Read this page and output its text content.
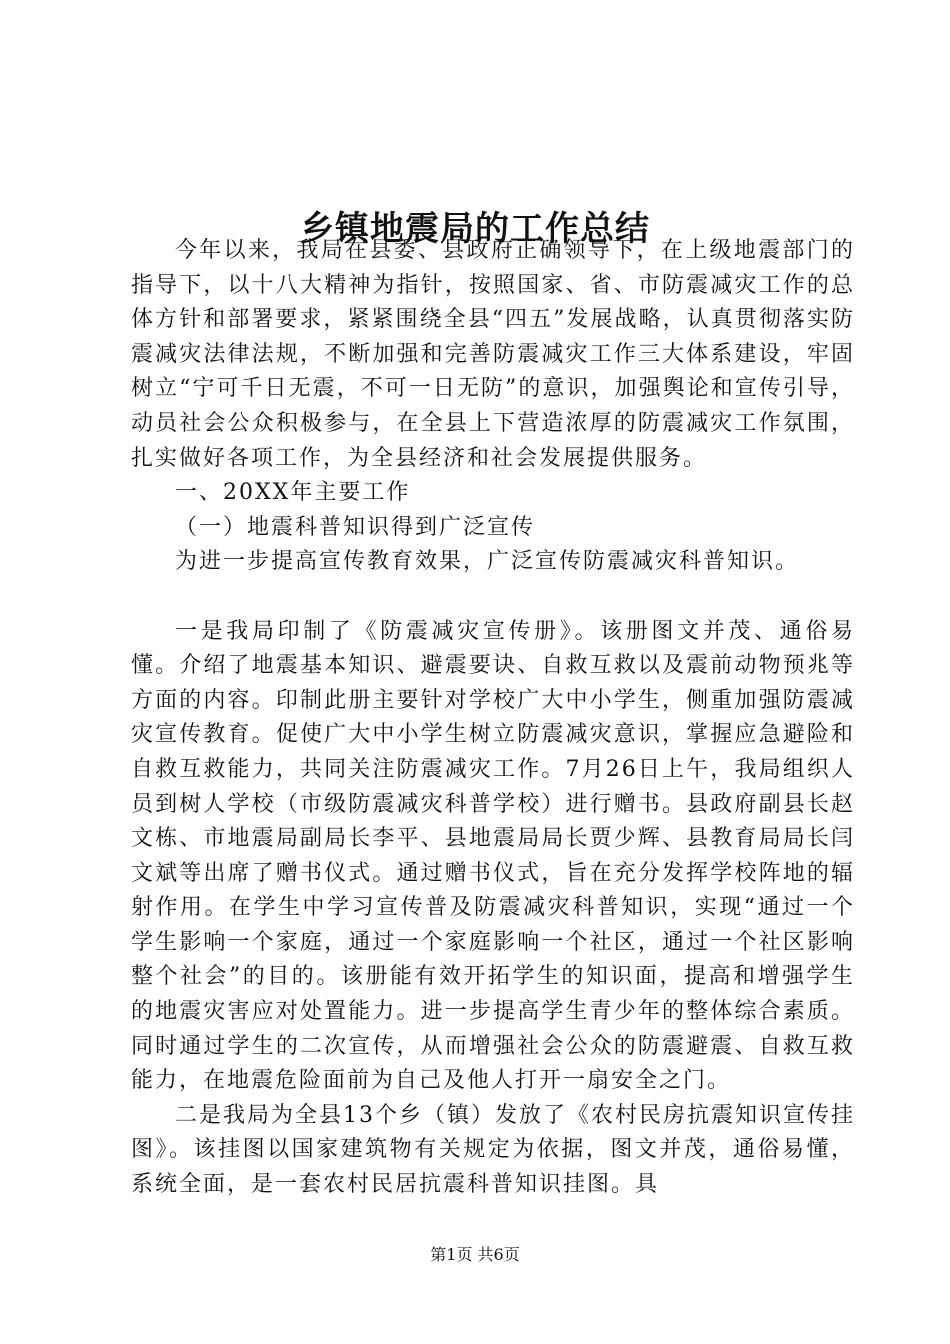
乡镇地震局的工作总结

今年以来，我局在县委、县政府正确领导下，在上级地震部门的指导下，以十八大精神为指针，按照国家、省、市防震减灾工作的总体方针和部署要求，紧紧围绕全县“四五”发展战略，认真贯彻落实防震减灾法律法规，不断加强和完善防震减灾工作三大体系建设，牢固树立“宁可千日无震，不可一日无防”的意识，加强舆论和宣传引导，动员社会公众积极参与，在全县上下营造浓厚的防震减灾工作氛围，扎实做好各项工作，为全县经济和社会发展提供服务。

一、20XX年主要工作

（一）地震科普知识得到广泛宣传

为进一步提高宣传教育效果，广泛宣传防震减灾科普知识。

一是我局印制了《防震减灾宣传册》。该册图文并茂、通俗易懂。介绍了地震基本知识、避震要诀、自救互救以及震前动物预兆等方面的内容。印制此册主要针对学校广大中小学生，侧重加强防震减灾宣传教育。促使广大中小学生树立防震减灾意识，掌握应急避险和自救互救能力，共同关注防震减灾工作。7月26日上午，我局组织人员到树人学校（市级防震减灾科普学校）进行赠书。县政府副县长赵文栋、市地震局副局长李平、县地震局局长贾少辉、县教育局局长闫文斌等出席了赠书仪式。通过赠书仪式，旨在充分发挥学校阵地的辐射作用。在学生中学习宣传普及防震减灾科普知识，实现“通过一个学生影响一个家庭，通过一个家庭影响一个社区，通过一个社区影响整个社会”的目的。该册能有效开拓学生的知识面，提高和增强学生的地震灾害应对处置能力。进一步提高学生青少年的整体综合素质。同时通过学生的二次宣传，从而增强社会公众的防震避震、自救互救能力，在地震危险面前为自己及他人打开一扇安全之门。

二是我局为全县13个乡（镇）发放了《农村民房抗震知识宣传挂图》。该挂图以国家建筑物有关规定为依据，图文并茂，通俗易懂，系统全面，是一套农村民居抗震科普知识挂图。具

第1页 共6页
